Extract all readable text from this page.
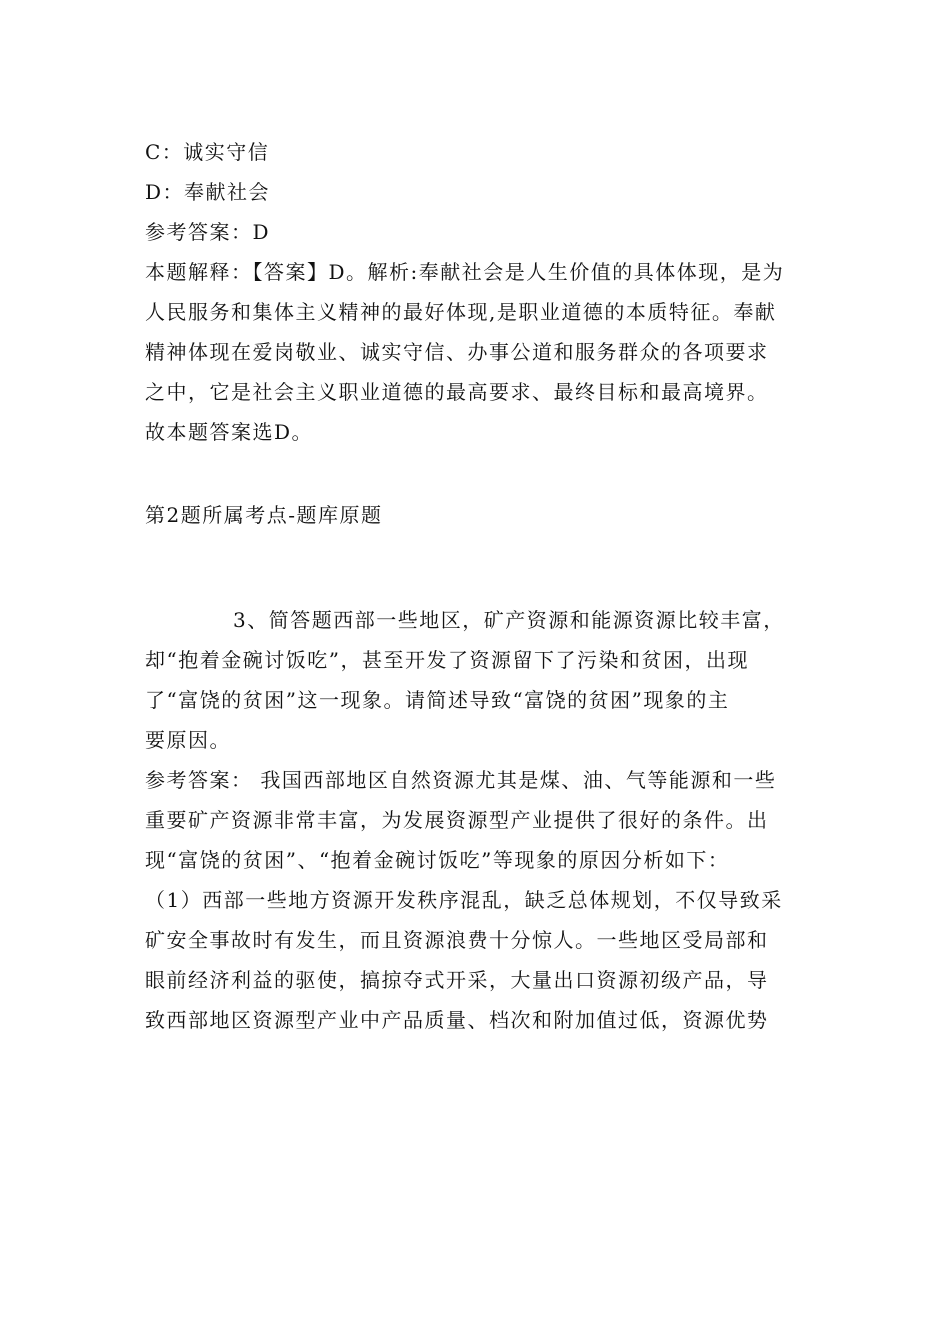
C：诚实守信
D：奉献社会
参考答案：D
本题解释：【答案】D。解析:奉献社会是人生价值的具体体现，是为
人民服务和集体主义精神的最好体现,是职业道德的本质特征。奉献
精神体现在爱岗敬业、诚实守信、办事公道和服务群众的各项要求
之中，它是社会主义职业道德的最高要求、最终目标和最高境界。
故本题答案选D。
第2题所属考点-题库原题
3、简答题西部一些地区，矿产资源和能源资源比较丰富，
却“抱着金碗讨饭吃”，甚至开发了资源留下了污染和贫困，出现
了“富饶的贫困”这一现象。请简述导致“富饶的贫困”现象的主
要原因。
参考答案： 我国西部地区自然资源尤其是煤、油、气等能源和一些
重要矿产资源非常丰富，为发展资源型产业提供了很好的条件。出
现“富饶的贫困”、“抱着金碗讨饭吃”等现象的原因分析如下：
（1）西部一些地方资源开发秩序混乱，缺乏总体规划，不仅导致采
矿安全事故时有发生，而且资源浪费十分惊人。一些地区受局部和
眼前经济利益的驱使，搞掠夺式开采，大量出口资源初级产品，导
致西部地区资源型产业中产品质量、档次和附加值过低，资源优势
